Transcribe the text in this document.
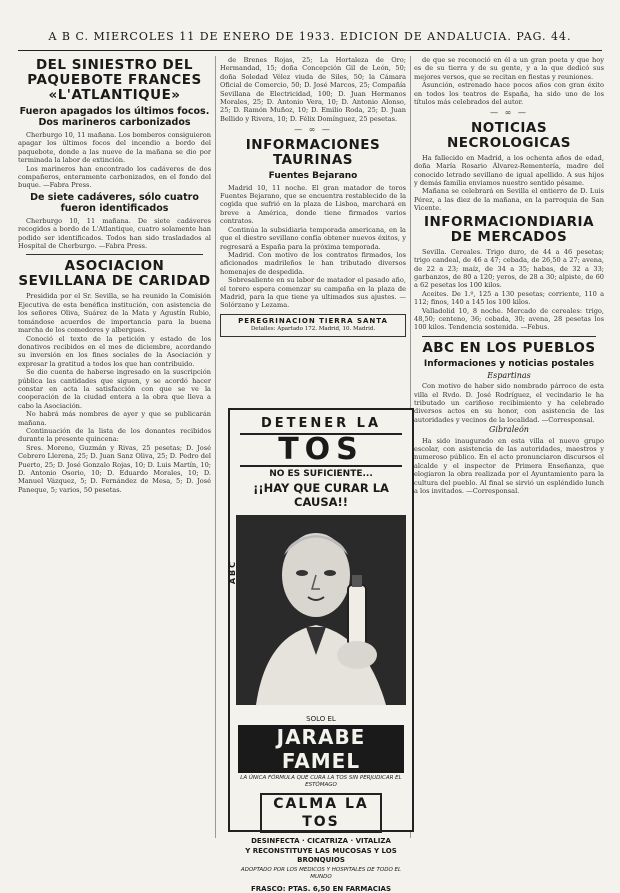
A B C. MIERCOLES 11 DE ENERO DE 1933. EDICION DE ANDALUCIA. PAG. 44.
DEL SINIESTRO DEL PAQUEBOTE FRANCES «L'ATLANTIQUE»
Fueron apagados los últimos focos. Dos marineros carbonizados

Cherburgo 10, 11 mañana. Los bomberos consiguieron apagar los últimos focos del incendio a bordo del paquebote, donde a las nueve de la mañana se dio por terminada la labor de extinción.

Los marineros han encontrado los cadáveres de dos compañeros, enteramente carbonizados, en el fondo del buque. —Fabra Press.

De siete cadáveres, sólo cuatro fueron identificados

Cherburgo 10, 11 mañana. De siete cadáveres recogidos a bordo de L'Atlantique, cuatro solamente han podido ser identificados. Todos han sido trasladados al Hospital de Cherburgo. —Fabra Press.

ASOCIACION SEVILLANA DE CARIDAD

Presidida por el Sr. Sevilla, se ha reunido la Comisión Ejecutiva de esta benéfica institución, con asistencia de los señores Oliva, Suárez de la Mata y Agustín Rubio, tomándose acuerdos de importancia para la buena marcha de los comedores y albergues.

Conoció el texto de la petición y estado de los donativos recibidos en el mes de diciembre, acordando su inversión en los fines sociales de la Asociación y expresar la gratitud a todos los que han contribuido.

Se dio cuenta de haberse ingresado en la suscripción pública las cantidades que siguen, y se acordó hacer constar en acta la satisfacción con que se ve la cooperación de la ciudad entera a la obra que lleva a cabo la Asociación.

No habrá más nombres de ayer y que se publicarán mañana.

Continuación de la lista de los donantes recibidos durante la presente quincena:

Sres. Moreno, Guzmán y Rivas, 25 pesetas; D. José Cebrero Llerena, 25; D. Juan Sanz Oliva, 25; D. Pedro del Puerto, 25; D. José Gonzalo Rojas, 10; D. Luis Martín, 10; D. Antonio Osorio, 10; D. Eduardo Morales, 10; D. Manuel Vázquez, 5; D. Fernández de Mesa, 5; D. José Paneque, 5; varios, 50 pesetas.

de Brenes Rojas, 25; La Hortaleza de Oro; Hermandad, 15; doña Concepción Gil de León, 50; doña Soledad Vélez viuda de Siles, 50; la Cámara Oficial de Comercio, 50; D. José Marcos, 25; Compañía Sevillana de Electricidad, 100; D. Juan Hermanos Morales, 25; D. Antonio Vera, 10; D. Antonio Alonso, 25; D. Ramón Muñoz, 10; D. Emilio Roda, 25; D. Juan Bellido y Rivera, 10; D. Félix Domínguez, 25 pesetas.

— ∞ —
INFORMACIONES TAURINAS
Fuentes Bejarano

Madrid 10, 11 noche. El gran matador de toros Fuentes Bejarano, que se encuentra restablecido de la cogida que sufrió en la plaza de Lisboa, marchará en breve a América, donde tiene firmados varios contratos.

Continúa la subsidiaria temporada americana, en la que el diestro sevillano confía obtener nuevos éxitos, y regresará a España para la próxima temporada.

Madrid. Con motivo de los contratos firmados, los aficionados madrileños le han tributado diversos homenajes de despedida.

Sobresaliente en su labor de matador el pasado año, el torero espera comenzar su campaña en la plaza de Madrid, para la que tiene ya ultimados sus ajustes. —Solórzano y Lezama.

PEREGRINACION TIERRA SANTA
Detalles: Apartado 172. Madrid, 10. Madrid.
ABC
DETENER LA
TOS
NO ES SUFICIENTE...
¡¡HAY QUE CURAR LA CAUSA!!
SOLO EL
JARABE FAMEL
LA ÚNICA FÓRMULA QUE CURA LA TOS SIN PERJUDICAR EL ESTÓMAGO
CALMA LA TOS
DESINFECTA · CICATRIZA · VITALIZA
Y RECONSTITUYE LAS MUCOSAS Y LOS BRONQUIOS
ADOPTADO POR LOS MEDICOS Y HOSPITALES DE TODO EL MUNDO
FRASCO: PTAS. 6,50 EN FARMACIAS

de que se reconoció en él a un gran poeta y que hoy es de su tierra y de su gente, y a la que dedicó sus mejores versos, que se recitan en fiestas y reuniones.

Asunción, estrenado hace pocos años con gran éxito en todos los teatros de España, ha sido uno de los títulos más celebrados del autor.

— ∞ —
NOTICIAS NECROLOGICAS

Ha fallecido en Madrid, a los ochenta años de edad, doña María Rosario Álvarez-Rementería, madre del conocido letrado sevillano de igual apellido. A sus hijos y demás familia enviamos nuestro sentido pésame.

Mañana se celebrará en Sevilla el entierro de D. Luis Pérez, a las diez de la mañana, en la parroquia de San Vicente.

INFORMACIONDIARIA DE MERCADOS

Sevilla. Cereales. Trigo duro, de 44 a 46 pesetas; trigo candeal, de 46 a 47; cebada, de 26,50 a 27; avena, de 22 a 23; maíz, de 34 a 35; habas, de 32 a 33; garbanzos, de 80 a 120; yeros, de 28 a 30; alpiste, de 60 a 62 pesetas los 100 kilos.

Aceites. De 1.º, 125 a 130 pesetas; corriente, 110 a 112; finos, 140 a 145 los 100 kilos.

Valladolid 10, 8 noche. Mercado de cereales: trigo, 48,50; centeno, 36; cebada, 30; avena, 28 pesetas los 100 kilos. Tendencia sostenida. —Febus.

ABC EN LOS PUEBLOS
Informaciones y noticias postales
Espartinas

Con motivo de haber sido nombrado párroco de esta villa el Rvdo. D. José Rodríguez, el vecindario le ha tributado un cariñoso recibimiento y ha celebrado diversos actos en su honor, con asistencia de las autoridades y vecinos de la localidad. —Corresponsal.

Gibraleón

Ha sido inaugurado en esta villa el nuevo grupo escolar, con asistencia de las autoridades, maestros y numeroso público. En el acto pronunciaron discursos el alcalde y el inspector de Primera Enseñanza, que elogiaron la obra realizada por el Ayuntamiento para la cultura del pueblo. Al final se sirvió un espléndido lunch a los invitados. —Corresponsal.
